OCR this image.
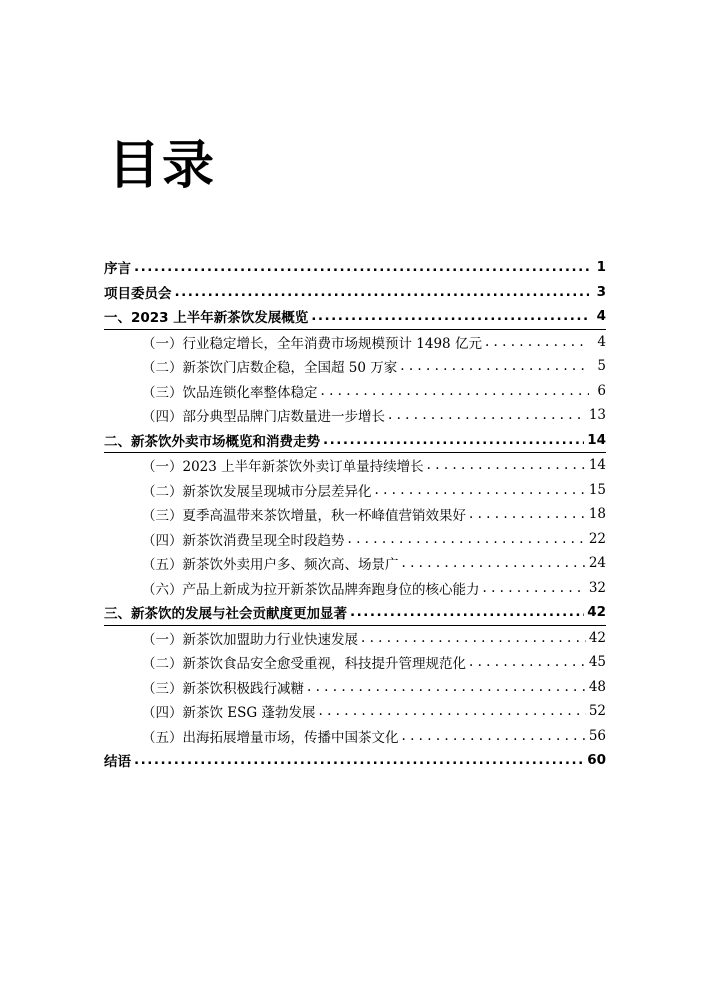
目录
序言 .....	1
项目委员会 .....	3
一、2023 上半年新茶饮发展概览 .....	4
（一）行业稳定增长，全年消费市场规模预计 1498 亿元 . . .	4
（二）新茶饮门店数企稳，全国超 50 万家 . . .	5
（三）饮品连锁化率整体稳定 . . .	6
（四）部分典型品牌门店数量进一步增长 . . .	13
二、新茶饮外卖市场概览和消费走势 .....	14
（一）2023 上半年新茶饮外卖订单量持续增长 . . .	14
（二）新茶饮发展呈现城市分层差异化 . . .	15
（三）夏季高温带来茶饮增量，秋一杯峰值营销效果好 . . .	18
（四）新茶饮消费呈现全时段趋势 . . .	22
（五）新茶饮外卖用户多、频次高、场景广 . . .	24
（六）产品上新成为拉开新茶饮品牌奔跑身位的核心能力 . . .	32
三、新茶饮的发展与社会贡献度更加显著 .....	42
（一）新茶饮加盟助力行业快速发展 . . .	42
（二）新茶饮食品安全愈受重视，科技提升管理规范化 . . .	45
（三）新茶饮积极践行减糖 . . .	48
（四）新茶饮 ESG 蓬勃发展 . . .	52
（五）出海拓展增量市场，传播中国茶文化 . . .	56
结语 .....	60
